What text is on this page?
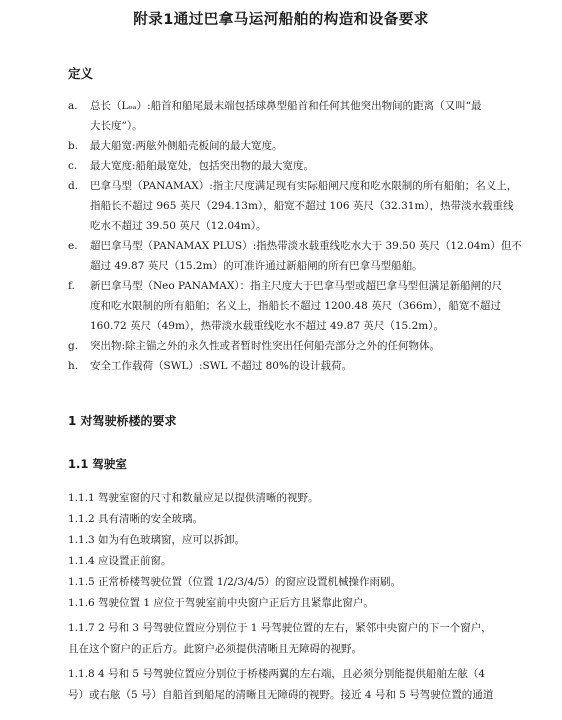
附录1通过巴拿马运河船舶的构造和设备要求
定义
a. 总长（Lₒₐ）:船首和船尾最末端包括球鼻型船首和任何其他突出物间的距离（又叫“最
大长度”）。
b. 最大船宽:两舷外侧船壳板间的最大宽度。
c. 最大宽度:船舶最宽处，包括突出物的最大宽度。
d. 巴拿马型（PANAMAX）:指主尺度满足现有实际船闸尺度和吃水限制的所有船舶；名义上，
指船长不超过 965 英尺（294.13m），船宽不超过 106 英尺（32.31m），热带淡水载重线
吃水不超过 39.50 英尺（12.04m）。
e. 超巴拿马型（PANAMAX PLUS）:指热带淡水载重线吃水大于 39.50 英尺（12.04m）但不
超过 49.87 英尺（15.2m）的可准许通过新船闸的所有巴拿马型船舶。
f. 新巴拿马型（Neo PANAMAX）：指主尺度大于巴拿马型或超巴拿马型但满足新船闸的尺
度和吃水限制的所有船舶；名义上，指船长不超过 1200.48 英尺（366m），船宽不超过
160.72 英尺（49m），热带淡水载重线吃水不超过 49.87 英尺（15.2m）。
g. 突出物:除主锚之外的永久性或者暂时性突出任何船壳部分之外的任何物体。
h. 安全工作载荷（SWL）:SWL 不超过 80%的设计载荷。
1 对驾驶桥楼的要求
1.1 驾驶室
1.1.1 驾驶室窗的尺寸和数量应足以提供清晰的视野。
1.1.2 具有清晰的安全玻璃。
1.1.3 如为有色玻璃窗，应可以拆卸。
1.1.4 应设置正前窗。
1.1.5 正常桥楼驾驶位置（位置 1/2/3/4/5）的窗应设置机械操作雨刷。
1.1.6 驾驶位置 1 应位于驾驶室前中央窗户正后方且紧靠此窗户。
1.1.7 2 号和 3 号驾驶位置应分别位于 1 号驾驶位置的左右，紧邻中央窗户的下一个窗户，
且在这个窗户的正后方。此窗户必须提供清晰且无障碍的视野。
1.1.8 4 号和 5 号驾驶位置应分别位于桥楼两翼的左右端，且必须分别能提供船舶左舷（4
号）或右舷（5 号）自船首到船尾的清晰且无障碍的视野。接近 4 号和 5 号驾驶位置的通道
